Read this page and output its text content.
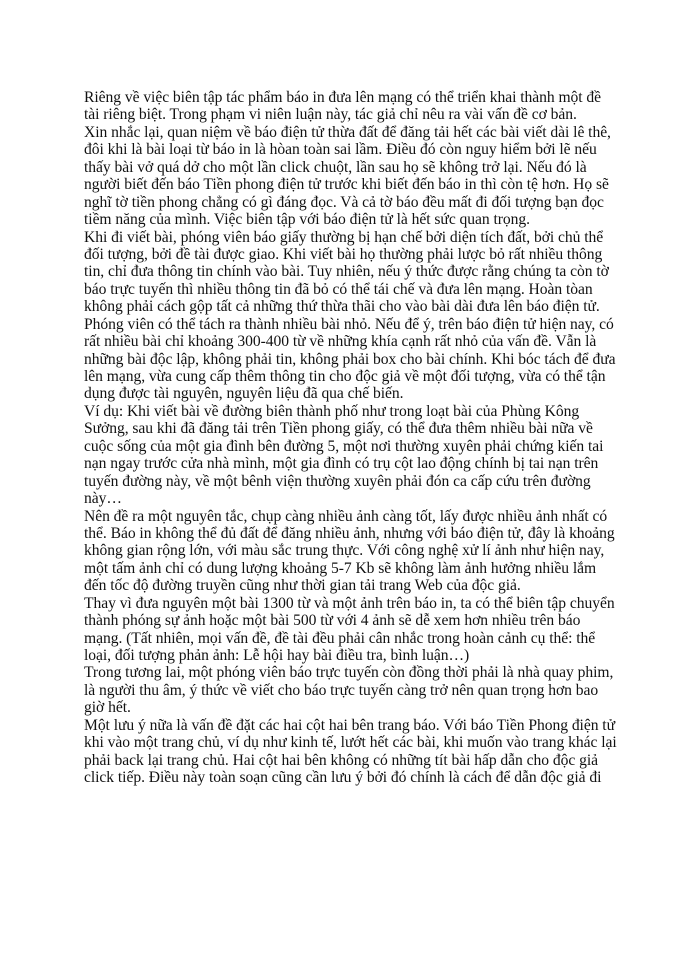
Riêng về việc biên tập tác phẩm báo in đưa lên mạng có thể triển khai thành một đề
tài riêng biệt. Trong phạm vi niên luận này, tác giả chỉ nêu ra vài vấn đề cơ bản.
Xin nhắc lại, quan niệm về báo điện tử thừa đất để đăng tải hết các bài viết dài lê thê,
đôi khi là bài loại từ báo in là hòan toàn sai lầm. Điều đó còn nguy hiểm bởi lẽ nếu
thấy bài vở quá dở cho một lần click chuột, lần sau họ sẽ không trở lại. Nếu đó là
người biết đến báo Tiền phong điện tử trước khi biết đến báo in thì còn tệ hơn. Họ sẽ
nghĩ tờ tiền phong chẳng có gì đáng đọc. Và cả tờ báo đều mất đi đối tượng bạn đọc
tiềm năng của mình. Việc biên tập với báo điện tử là hết sức quan trọng.
Khi đi viết bài, phóng viên báo giấy thường bị hạn chế bởi diện tích đất, bởi chủ thể
đối tượng, bởi đề tài được giao. Khi viết bài họ thường phải lược bỏ rất nhiều thông
tin, chỉ đưa thông tin chính vào bài. Tuy nhiên, nếu ý thức được rằng chúng ta còn tờ
báo trực tuyến thì nhiều thông tin đã bỏ có thể tái chế và đưa lên mạng. Hoàn tòan
không phải cách gộp tất cả những thứ thừa thãi cho vào bài dài đưa lên báo điện tử.
Phóng viên có thể tách ra thành nhiều bài nhỏ. Nếu để ý, trên báo điện tử hiện nay, có
rất nhiều bài chỉ khoảng 300-400 từ về những khía cạnh rất nhỏ của vấn đề. Vẫn là
những bài độc lập, không phải tin, không phải box cho bài chính. Khi bóc tách để đưa
lên mạng, vừa cung cấp thêm thông tin cho độc giả về một đối tượng, vừa có thể tận
dụng được tài nguyên, nguyên liệu đã qua chế biến.
Ví dụ: Khi viết bài về đường biên thành phố như trong loạt bài của Phùng Kông
Sưởng, sau khi đã đăng tải trên Tiền phong giấy, có thể đưa thêm nhiều bài nữa về
cuộc sống của một gia đình bên đường 5, một nơi thường xuyên phải chứng kiến tai
nạn ngay trước cửa nhà mình, một gia đình có trụ cột lao động chính bị tai nạn trên
tuyến đường này, về một bênh viện thường xuyên phải đón ca cấp cứu trên đường
này…
Nên đề ra một nguyên tắc, chụp càng nhiều ảnh càng tốt, lấy được nhiều ảnh nhất có
thể. Báo in không thể đủ đất để đăng nhiều ảnh, nhưng với báo điện tử, đây là khoảng
không gian rộng lớn, với màu sắc trung thực. Với công nghệ xử lí ảnh như hiện nay,
một tấm ảnh chỉ có dung lượng khoảng 5-7 Kb sẽ không làm ảnh hưởng nhiều lắm
đến tốc độ đường truyền cũng như thời gian tải trang Web của độc giả.
Thay vì đưa nguyên một bài 1300 từ và một ảnh trên báo in, ta có thể biên tập chuyển
thành phóng sự ảnh hoặc một bài 500 từ với 4 ảnh sẽ dễ xem hơn nhiều trên báo
mạng. (Tất nhiên, mọi vấn đề, đề tài đều phải cân nhắc trong hoàn cảnh cụ thể: thể
loại, đối tượng phản ảnh: Lễ hội hay bài điều tra, bình luận…)
Trong tương lai, một phóng viên báo trực tuyến còn đồng thời phải là nhà quay phim,
là người thu âm, ý thức về viết cho báo trực tuyến càng trở nên quan trọng hơn bao
giờ hết.
Một lưu ý nữa là vấn đề đặt các hai cột hai bên trang báo. Với báo Tiền Phong điện tử
khi vào một trang chủ, ví dụ như kinh tế, lướt hết các bài, khi muốn vào trang khác lại
phải back lại trang chủ. Hai cột hai bên không có những tít bài hấp dẫn cho độc giả
click tiếp. Điều này toàn soạn cũng cần lưu ý bởi đó chính là cách để dẫn độc giả đi
